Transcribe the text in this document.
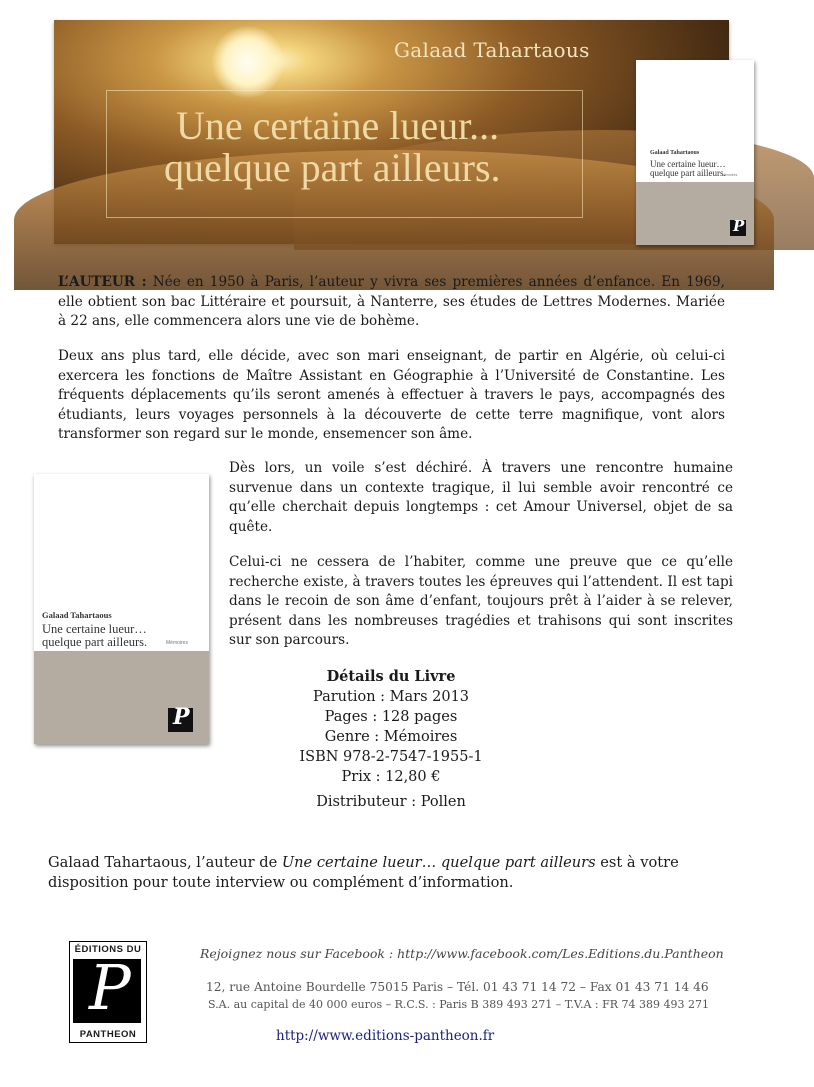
Galaad Tahartaous
Une certaine lueur...
quelque part ailleurs.	Galaad Tahartaous
Une certaine lueur…
quelque part ailleurs.
Mémoires
P
L’AUTEUR : Née en 1950 à Paris, l’auteur y vivra ses premières années d’enfance. En 1969, elle obtient son bac Littéraire et poursuit, à Nanterre, ses études de Lettres Modernes. Mariée à 22 ans, elle commencera alors une vie de bohème.
Deux ans plus tard, elle décide, avec son mari enseignant, de partir en Algérie, où celui-ci exercera les fonctions de Maître Assistant en Géographie à l’Université de Constantine. Les fréquents déplacements qu’ils seront amenés à effectuer à travers le pays, accompagnés des étudiants, leurs voyages personnels à la découverte de cette terre magnifique, vont alors transformer son regard sur le monde, ensemencer son âme.
Galaad Tahartaous
Une certaine lueur…
quelque part ailleurs.	Mémoires
P
Dès lors, un voile s’est déchiré. À travers une rencontre humaine survenue dans un contexte tragique, il lui semble avoir rencontré ce qu’elle cherchait depuis longtemps : cet Amour Universel, objet de sa quête.
Celui-ci ne cessera de l’habiter, comme une preuve que ce qu’elle recherche existe, à travers toutes les épreuves qui l’attendent. Il est tapi dans le recoin de son âme d’enfant, toujours prêt à l’aider à se relever, présent dans les nombreuses tragédies et trahisons qui sont inscrites sur son parcours.
Détails du Livre
Parution : Mars 2013
Pages : 128 pages
Genre : Mémoires
ISBN 978-2-7547-1955-1
Prix : 12,80 €
Distributeur : Pollen
Galaad Tahartaous, l’auteur de Une certaine lueur… quelque part ailleurs est à votre disposition pour toute interview ou complément d’information.
ÉDITIONS DU
P
PANTHEON
Rejoignez nous sur Facebook : http://www.facebook.com/Les.Editions.du.Pantheon
12, rue Antoine Bourdelle 75015 Paris – Tél. 01 43 71 14 72 – Fax 01 43 71 14 46
S.A. au capital de 40 000 euros – R.C.S. : Paris B 389 493 271 – T.V.A : FR 74 389 493 271
http://www.editions-pantheon.fr
